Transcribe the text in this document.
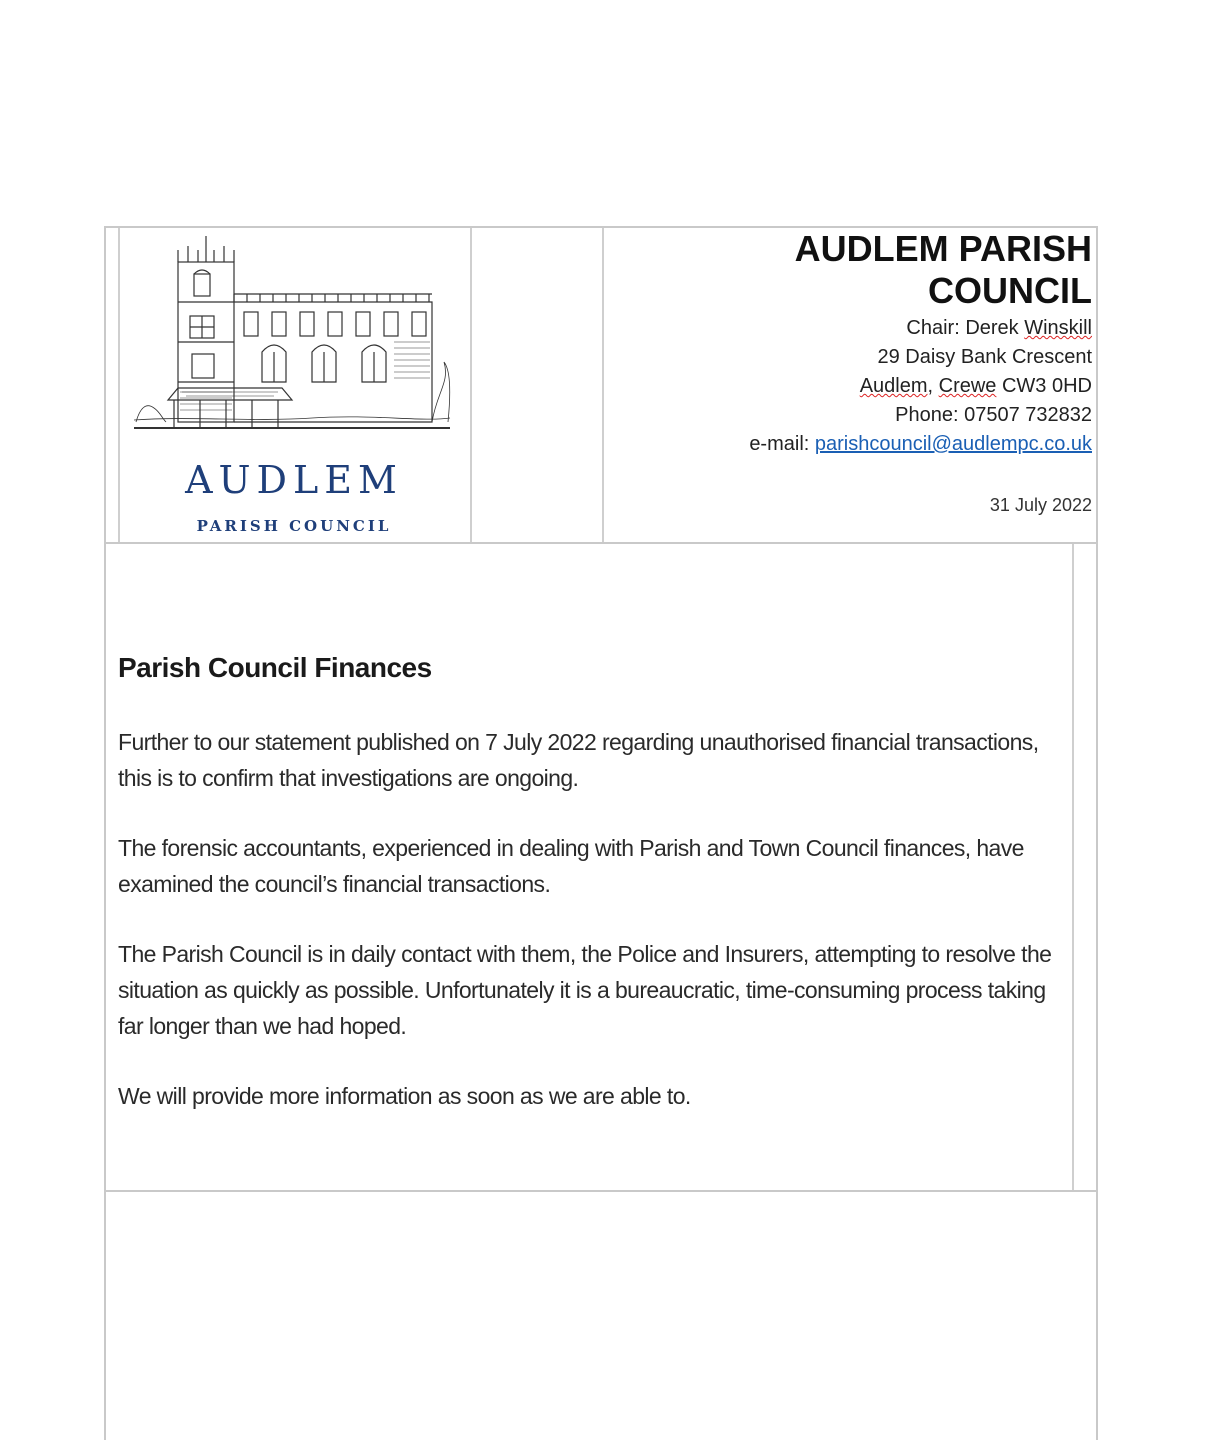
AUDLEM
PARISH COUNCIL
AUDLEM PARISH
COUNCIL
Chair: Derek Winskill
29 Daisy Bank Crescent
Audlem, Crewe CW3 0HD
Phone: 07507 732832
e-mail: parishcouncil@audlempc.co.uk
31 July 2022
Parish Council Finances

Further to our statement published on 7 July 2022 regarding unauthorised financial transactions, this is to confirm that investigations are ongoing.

The forensic accountants, experienced in dealing with Parish and Town Council finances, have examined the council’s financial transactions.

The Parish Council is in daily contact with them, the Police and Insurers, attempting to resolve the situation as quickly as possible. Unfortunately it is a bureaucratic, time-consuming process taking far longer than we had hoped.

We will provide more information as soon as we are able to.
